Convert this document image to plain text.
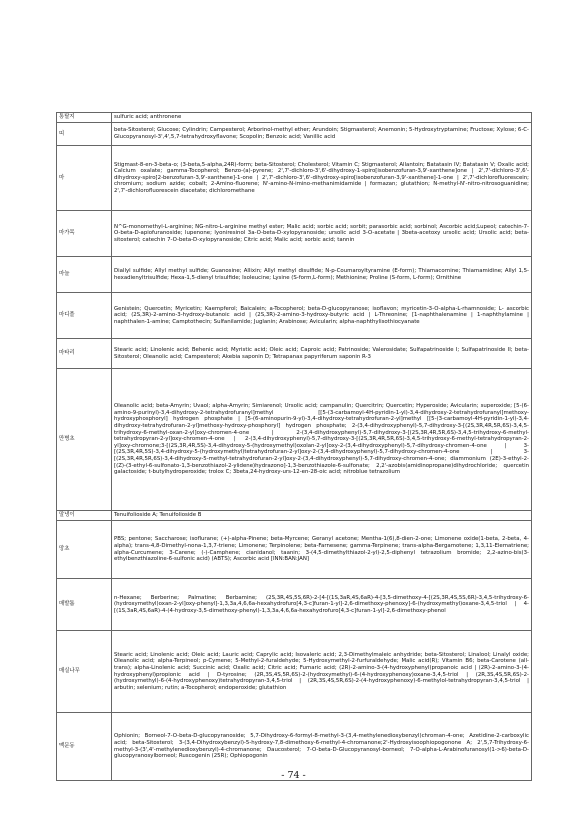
통탈지	sulfuric acid; anthronene
띠	beta-Sitosterol; Glucose; Cylindrin; Campesterol; Arborinol-methyl ether; Arundoin; Stigmasterol; Anemonin; 5-Hydroxytryptamine; Fructose; Xylose; 6-C-Glucopyranosyl-3',4',5,7-tetrahydroxyflavone; Scopolin; Benzoic acid; Vanillic acid
마	Stigmast-8-en-3-beta-o; (3-beta,5-alpha,24R)-form; beta-Sitosterol; Cholesterol; Vitamin C; Stigmasterol; Allantoin; Batatasin IV; Batatasin V; Oxalic acid; Calcium oxalate; gamma-Tocopherol; Benzo-(a)-pyrene; 2',7'-dichloro-3',6'-dihydroxy-1-spiro[isobenzofuran-3,9'-xanthene]one | 2',7'-dichloro-3',6'-dihydroxy-spiro[2-benzofuran-3,9'-xanthene]-1-one | 2',7'-dichloro-3',6'-dihydroxy-spiro[isobenzofuran-3,9'-xanthene]-1-one | 2',7'-dichlorofluorescein; chromium; sodium azide; cobalt; 2-Amino-fluorene; N'-amino-N-imino-methanimidamide | formazan; glutathion; N-methyl-N'-nitro-nitrosoguanidine; 2',7'-dichlorofluorescein diacetate; dichloromethane
마가목	N^G-monomethyl-L-arginine; NG-nitro-L-arginine methyl ester; Malic acid; sorbic acid; sorbit; parasorbic acid; sorbinol; Ascorbic acid;Lupeol; catechin-7-O-beta-D-apiofuranoside; lupenone; lyoniresinol 3a-O-beta-D-xylopyranoside; ursolic acid 3-O-acetate | 3beta-acetoxy ursolic acid; Ursolic acid; beta- sitosterol; catechin 7-O-beta-D-xylopyranoside; Citric acid; Malic acid; sorbic acid; tannin
마늘	Diallyl sulfide; Allyl methyl sulfide; Guanosine; Allixin; Allyl methyl disulfide; N-p-Coumaroyltyramine (E-form); Thiamacornine; Thiamamidine; Allyl 1,5-hexadienyltrisulfide; Hexa-1,5-dienyl trisulfide; Isoleucine; Lysine (S-form,L-form); Methionine; Proline (S-form, L-form); Ornithine
마디풀	Genistein; Quercetin; Myricetin; Kaempferol; Baicalein; a-Tocopherol; beta-D-glucopyranose; isoflavon; myricetin-3-O-alpha-L-rhamnoside; L- ascorbic acid; (2S,3R)-2-amino-3-hydroxy-butanoic acid | (2S,3R)-2-amino-3-hydroxy-butyric acid | L-Threonine; [1-naphthalenamine | 1-naphthylamine | naphthalen-1-amine; Camptothecin; Sulfanilamide; Juglanin; Arabinose; Avicularin; alpha-naphthylisothiocyanate
마타리	Stearic acid; Linolenic acid; Behenic acid; Myristic acid; Oleic acid; Caproic acid; Patrinoside; Valerosidate; Sulfapatrinoside I; Sulfapatrinoside II; beta-Sitosterol; Oleanolic acid; Campesterol; Akebia saponin D; Tetrapanax papyriferum saponin R-3
만병초	Oleanolic acid; beta-Amyrin; Uvaol; alpha-Amyrin; Simiarenol; Ursolic acid; campanulin; Quercitrin; Quercetin; Hyperoside; Avicularin; superoxide; [5-(6-amino-9-purinyl)-3,4-dihydroxy-2-tetrahydrofuranyl]methyl [[5-(3-carbamoyl-4H-pyridin-1-yl)-3,4-dihydroxy-2-tetrahydrofuranyl]methoxy-hydroxyphosphoryl] hydrogen phosphate | [5-(6-aminopurin-9-yl)-3,4-dihydroxy-tetrahydrofuran-2-yl]methyl [[5-(3-carbamoyl-4H-pyridin-1-yl)-3,4-dihydroxy-tetrahydrofuran-2-yl]methoxy-hydroxy-phosphoryl] hydrogen phosphate; 2-(3,4-dihydroxyphenyl)-5,7-dihydroxy-3-[(2S,3R,4R,5R,6S)-3,4,5-trihydroxy-6-methyl-oxan-2-yl]oxy-chromen-4-one | 2-(3,4-dihydroxyphenyl)-5,7-dihydroxy-3-[(2S,3R,4R,5R,6S)-3,4,5-trihydroxy-6-methyl-tetrahydropyran-2-yl]oxy-chromen-4-one | 2-(3,4-dihydroxyphenyl)-5,7-dihydroxy-3-[(2S,3R,4R,5R,6S)-3,4,5-trihydroxy-6-methyl-tetrahydropyran-2-yl]oxy-chromone;3-[(2S,3R,4R,5S)-3,4-dihydroxy-5-(hydroxymethyl)oxolan-2-yl]oxy-2-(3,4-dihydroxyphenyl)-5,7-dihydroxy-chromen-4-one | 3-[(2S,3R,4R,5S)-3,4-dihydroxy-5-(hydroxymethyl)tetrahydrofuran-2-yl]oxy-2-(3,4-dihydroxyphenyl)-5,7-dihydroxy-chromen-4-one | 3-[(2S,3R,4R,5R,6S)-3,4-dihydroxy-5-methyl-tetrahydrofuran-2-yl]oxy-2-(3,4-dihydroxyphenyl)-5,7-dihydroxy-chromen-4-one; diammonium (2E)-3-ethyl-2-[(Z)-(3-ethyl-6-sulfonato-1,3-benzothiazol-2-ylidene)hydrazono]-1,3-benzothiazole-6-sulfonate; 2,2'-azobis(amidinopropane)dihydrochloride; quercetin galactoside; t-butylhydroperoxide; trolox C; 3beta,24-hydroxy-urs-12-en-28-oic acid; nitroblue tetrazolium
말냉이	Tenuifolioside A; Tenuifolioside B
망초	PBS; pentone; Saccharose; isoflurane; (+)-alpha-Pinene; beta-Myrcene; Geranyl acetone; Mentha-1(6),8-dien-2-one; Limonene oxide(1-beta, 2-beta, 4-alpha); trans-4,8-Dimethyl-nona-1,3,7-triene; Limonene; Terpinolene; beta-Farnesene; gamma-Terpinene; trans-alpha-Bergamotene; 1,3,11-Elematriene; alpha-Curcumene; 3-Carene; (-)-Camphene; cianidanol; taanin; 3-(4,5-dimethylthiazol-2-yl)-2,5-diphenyl tetrazolium bromide; 2,2-azino-bis(3-ethylbenzthiazoline-6-sulfonic acid) (ABTS); Ascorbic acid [INN:BAN:JAN]
매발톱	n-Hexane; Berberine; Palmatine; Berbamine; (2S,3R,4S,5S,6R)-2-[4-[(1S,3aR,4S,6aR)-4-[3,5-dimethoxy-4-[(2S,3R,4S,5S,6R)-3,4,5-trihydroxy-6-(hydroxymethyl)oxan-2-yl]oxy-phenyl]-1,3,3a,4,6,6a-hexahydrofuro[4,3-c]furan-1-yl]-2,6-dimethoxy-phenoxy]-6-(hydroxymethyl)oxane-3,4,5-triol | 4-[(1S,3aR,4S,6aR)-4-(4-hydroxy-3,5-dimethoxy-phenyl)-1,3,3a,4,6,6a-hexahydrofuro[4,3-c]furan-1-yl]-2,6-dimethoxy-phenol
매실나무	Stearic acid; Linolenic acid; Oleic acid; Lauric acid; Caprylic acid; Isovaleric acid; 2,3-Dimethylmaleic anhydride; beta-Sitosterol; Linalool; Linalyl oxide; Oleanolic acid; alpha-Terpineol; p-Cymene; 5-Methyl-2-furaldehyde; 5-Hydroxymethyl-2-furfuraldehyde; Malic acid(R); Vitamin B6; beta-Carotene (all-trans); alpha-Linolenic acid; Succinic acid; Oxalic acid; Citric acid; Fumaric acid; (2R)-2-amino-3-(4-hydroxyphenyl)propanoic acid | (2R)-2-amino-3-(4-hydroxyphenyl)propionic acid | D-tyrosine; (2R,3S,4S,5R,6S)-2-(hydroxymethyl)-6-(4-hydroxyphenoxy)oxane-3,4,5-triol | (2R,3S,4S,5R,6S)-2-(hydroxymethyl)-6-(4-hydroxyphenoxy)tetrahydropyran-3,4,5-triol | (2R,3S,4S,5R,6S)-2-(4-hydroxyphenoxy)-6-methylol-tetrahydropyran-3,4,5-triol | arbutin; selenium; rutin; a-Tocopherol; endoperoxide; glutathion
맥문동	Ophionin; Borneol-7-O-beta-D-glucopyranoside; 5,7-Dihydroxy-6-formyl-8-methyl-3-(3,4-methylenedioxybenzyl)chroman-4-one; Azetidine-2-carboxylic acid; beta-Sitosterol; 3-(3,4-Dihydroxybenzyl)-5-hydroxy-7,8-dimethoxy-6-methyl-4-chromanone;2'-Hydroxyisoophiopogonone A; 2',5,7-Trihydroxy-6-methyl-3-(3',4'-methylenedioxybenzyl)-4-chromanone; Daucosterol; 7-O-beta-D-Glucopyranosyl-borneol; 7-O-alpha-L-Arabinofuranosyl(1->6)-beta-D-glucopyranosylborneol; Ruscogenin (25R); Ophiopogonin
- 74 -
